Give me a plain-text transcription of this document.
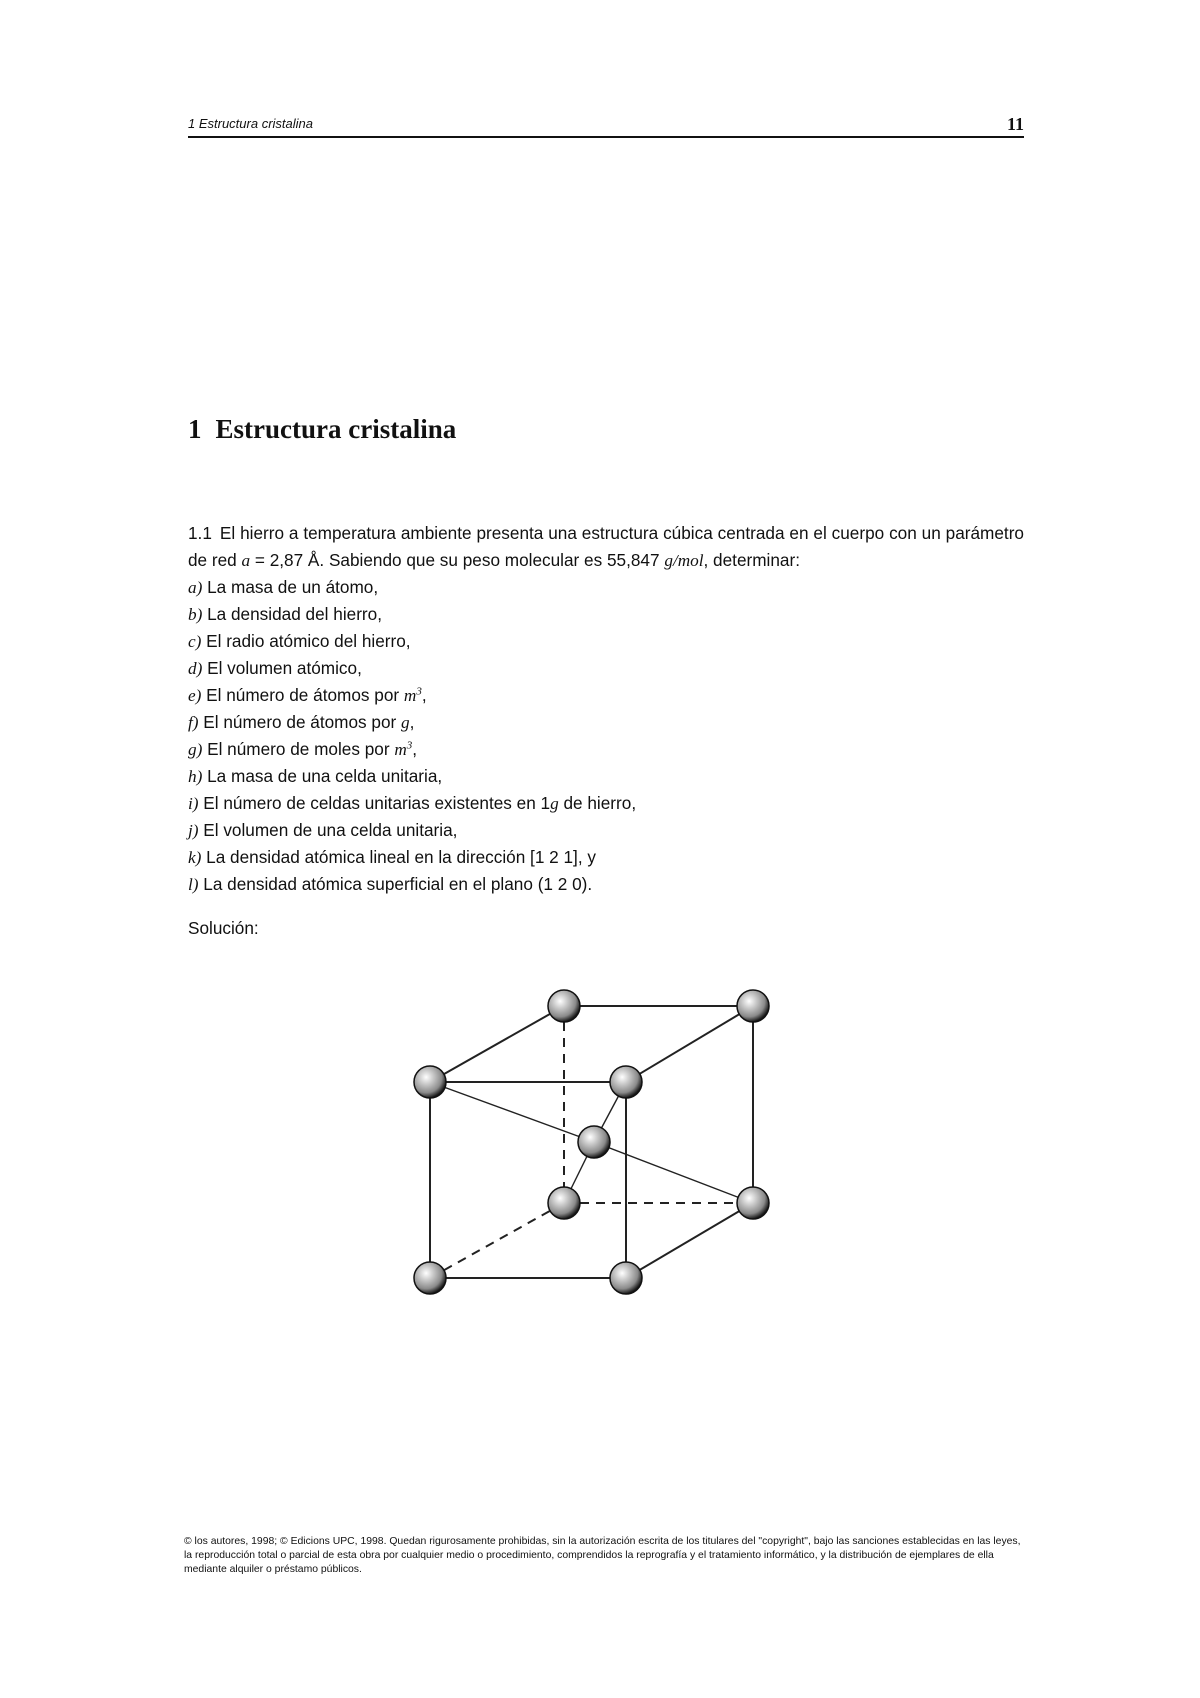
1 Estructura cristalina	11
1 Estructura cristalina

1.1 El hierro a temperatura ambiente presenta una estructura cúbica centrada en el cuerpo con un parámetro de red a = 2,87 Å. Sabiendo que su peso molecular es 55,847 g/mol, determinar:

a) La masa de un átomo,
b) La densidad del hierro,
c) El radio atómico del hierro,
d) El volumen atómico,
e) El número de átomos por $m^3$,
f) El número de átomos por g,
g) El número de moles por $m^3$,
h) La masa de una celda unitaria,
i) El número de celdas unitarias existentes en 1g de hierro,
j) El volumen de una celda unitaria,
k) La densidad atómica lineal en la dirección [1 2 1], y
l) La densidad atómica superficial en el plano (1 2 0).
Solución:
© los autores, 1998; © Edicions UPC, 1998. Quedan rigurosamente prohibidas, sin la autorización escrita de los titulares del "copyright", bajo las sanciones establecidas en las leyes, la reproducción total o parcial de esta obra por cualquier medio o procedimiento, comprendidos la reprografía y el tratamiento informático, y la distribución de ejemplares de ella mediante alquiler o préstamo públicos.
